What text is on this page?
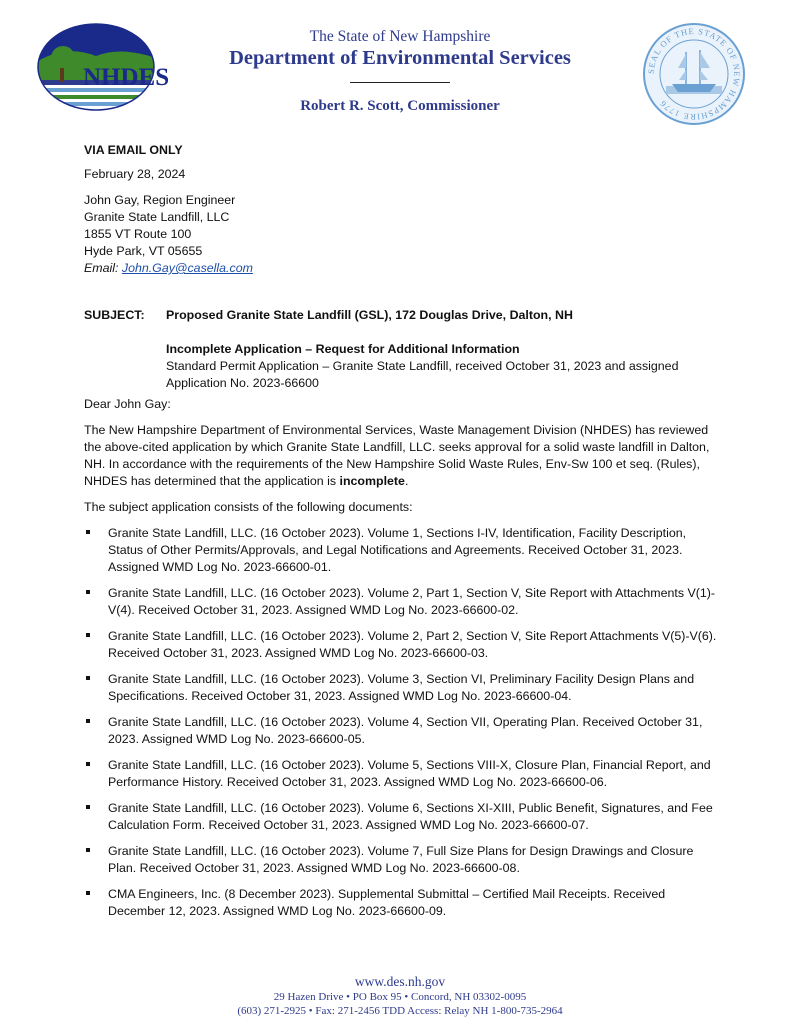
NHDES
The State of New Hampshire
Department of Environmental Services
Robert R. Scott, Commissioner
SEAL OF THE STATE OF NEW HAMPSHIRE 1776
VIA EMAIL ONLY
February 28, 2024
John Gay, Region Engineer
Granite State Landfill, LLC
1855 VT Route 100
Hyde Park, VT 05655
Email: John.Gay@casella.com
SUBJECT:	Proposed Granite State Landfill (GSL), 172 Douglas Drive, Dalton, NH
Incomplete Application – Request for Additional Information
Standard Permit Application – Granite State Landfill, received October 31, 2023 and assigned Application No. 2023-66600
Dear John Gay:
The New Hampshire Department of Environmental Services, Waste Management Division (NHDES) has reviewed the above-cited application by which Granite State Landfill, LLC. seeks approval for a solid waste landfill in Dalton, NH. In accordance with the requirements of the New Hampshire Solid Waste Rules, Env-Sw 100 et seq. (Rules), NHDES has determined that the application is incomplete.
The subject application consists of the following documents:
Granite State Landfill, LLC. (16 October 2023). Volume 1, Sections I-IV, Identification, Facility Description, Status of Other Permits/Approvals, and Legal Notifications and Agreements. Received October 31, 2023. Assigned WMD Log No. 2023-66600-01.
Granite State Landfill, LLC. (16 October 2023). Volume 2, Part 1, Section V, Site Report with Attachments V(1)-V(4). Received October 31, 2023. Assigned WMD Log No. 2023-66600-02.
Granite State Landfill, LLC. (16 October 2023). Volume 2, Part 2, Section V, Site Report Attachments V(5)-V(6). Received October 31, 2023. Assigned WMD Log No. 2023-66600-03.
Granite State Landfill, LLC. (16 October 2023). Volume 3, Section VI, Preliminary Facility Design Plans and Specifications. Received October 31, 2023. Assigned WMD Log No. 2023-66600-04.
Granite State Landfill, LLC. (16 October 2023). Volume 4, Section VII, Operating Plan. Received October 31, 2023. Assigned WMD Log No. 2023-66600-05.
Granite State Landfill, LLC. (16 October 2023). Volume 5, Sections VIII-X, Closure Plan, Financial Report, and Performance History. Received October 31, 2023. Assigned WMD Log No. 2023-66600-06.
Granite State Landfill, LLC. (16 October 2023). Volume 6, Sections XI-XIII, Public Benefit, Signatures, and Fee Calculation Form. Received October 31, 2023. Assigned WMD Log No. 2023-66600-07.
Granite State Landfill, LLC. (16 October 2023). Volume 7, Full Size Plans for Design Drawings and Closure Plan. Received October 31, 2023. Assigned WMD Log No. 2023-66600-08.
CMA Engineers, Inc. (8 December 2023). Supplemental Submittal – Certified Mail Receipts. Received December 12, 2023. Assigned WMD Log No. 2023-66600-09.
www.des.nh.gov
29 Hazen Drive • PO Box 95 • Concord, NH 03302-0095
(603) 271-2925 • Fax: 271-2456 TDD Access: Relay NH 1-800-735-2964
